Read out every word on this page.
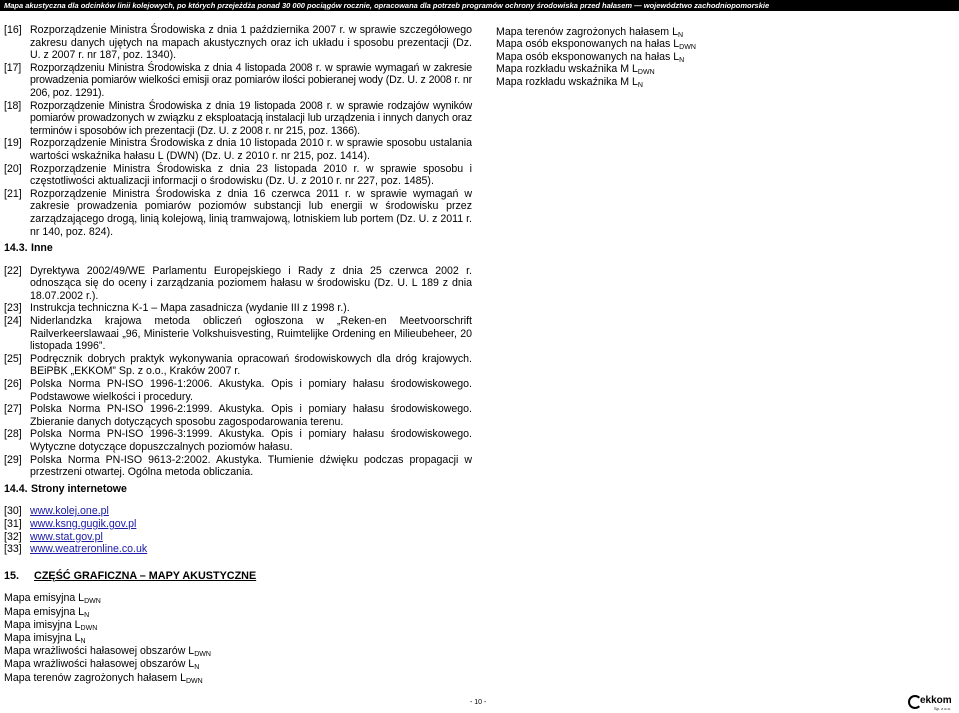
Mapa akustyczna dla odcinków linii kolejowych, po których przejeżdża ponad 30 000 pociągów rocznie, opracowana dla potrzeb programów ochrony środowiska przed hałasem — województwo zachodniopomorskie
[16] Rozporządzenie Ministra Środowiska z dnia 1 października 2007 r. w sprawie szczegółowego zakresu danych ujętych na mapach akustycznych oraz ich układu i sposobu prezentacji (Dz. U. z 2007 r. nr 187, poz. 1340).
[17] Rozporządzeniu Ministra Środowiska z dnia 4 listopada 2008 r. w sprawie wymagań w zakresie prowadzenia pomiarów wielkości emisji oraz pomiarów ilości pobieranej wody (Dz. U. z 2008 r. nr 206, poz. 1291).
[18] Rozporządzenie Ministra Środowiska z dnia 19 listopada 2008 r. w sprawie rodzajów wyników pomiarów prowadzonych w związku z eksploatacją instalacji lub urządzenia i innych danych oraz terminów i sposobów ich prezentacji (Dz. U. z 2008 r. nr 215, poz. 1366).
[19] Rozporządzenie Ministra Środowiska z dnia 10 listopada 2010 r. w sprawie sposobu ustalania wartości wskaźnika hałasu L (DWN) (Dz. U. z 2010 r. nr 215, poz. 1414).
[20] Rozporządzenie Ministra Środowiska z dnia 23 listopada 2010 r. w sprawie sposobu i częstotliwości aktualizacji informacji o środowisku (Dz. U. z 2010 r. nr 227, poz. 1485).
[21] Rozporządzenie Ministra Środowiska z dnia 16 czerwca 2011 r. w sprawie wymagań w zakresie prowadzenia pomiarów poziomów substancji lub energii w środowisku przez zarządzającego drogą, linią kolejową, linią tramwajową, lotniskiem lub portem (Dz. U. z 2011 r. nr 140, poz. 824).
14.3. Inne
[22] Dyrektywa 2002/49/WE Parlamentu Europejskiego i Rady z dnia 25 czerwca 2002 r. odnosząca się do oceny i zarządzania poziomem hałasu w środowisku (Dz. U. L 189 z dnia 18.07.2002 r.).
[23] Instrukcja techniczna K-1 – Mapa zasadnicza (wydanie III z 1998 r.).
[24] Niderlandzka krajowa metoda obliczeń ogłoszona w „Reken-en Meetvoorschrift Railverkeerslawaai „96, Ministerie Volkshuisvesting, Ruimtelijke Ordening en Milieubeheer, 20 listopada 1996”.
[25] Podręcznik dobrych praktyk wykonywania opracowań środowiskowych dla dróg krajowych. BEiPBK „EKKOM” Sp. z o.o., Kraków 2007 r.
[26] Polska Norma PN-ISO 1996-1:2006. Akustyka. Opis i pomiary hałasu środowiskowego. Podstawowe wielkości i procedury.
[27] Polska Norma PN-ISO 1996-2:1999. Akustyka. Opis i pomiary hałasu środowiskowego. Zbieranie danych dotyczących sposobu zagospodarowania terenu.
[28] Polska Norma PN-ISO 1996-3:1999. Akustyka. Opis i pomiary hałasu środowiskowego. Wytyczne dotyczące dopuszczalnych poziomów hałasu.
[29] Polska Norma PN-ISO 9613-2:2002. Akustyka. Tłumienie dźwięku podczas propagacji w przestrzeni otwartej. Ogólna metoda obliczania.
14.4. Strony internetowe
[30] www.kolej.one.pl
[31] www.ksng.gugik.gov.pl
[32] www.stat.gov.pl
[33] www.weatreronline.co.uk
15. CZĘŚĆ GRAFICZNA – MAPY AKUSTYCZNE
Mapa emisyjna $L_{DWN}$
Mapa emisyjna $L_N$
Mapa imisyjna $L_{DWN}$
Mapa imisyjna $L_N$
Mapa wrażliwości hałasowej obszarów $L_{DWN}$
Mapa wrażliwości hałasowej obszarów $L_N$
Mapa terenów zagrożonych hałasem $L_{DWN}$
Mapa terenów zagrożonych hałasem $L_N$
Mapa osób eksponowanych na hałas $L_{DWN}$
Mapa osób eksponowanych na hałas $L_N$
Mapa rozkładu wskaźnika M $L_{DWN}$
Mapa rozkładu wskaźnika M $L_N$
- 10 -	ekkom
Sp. z o.o.
